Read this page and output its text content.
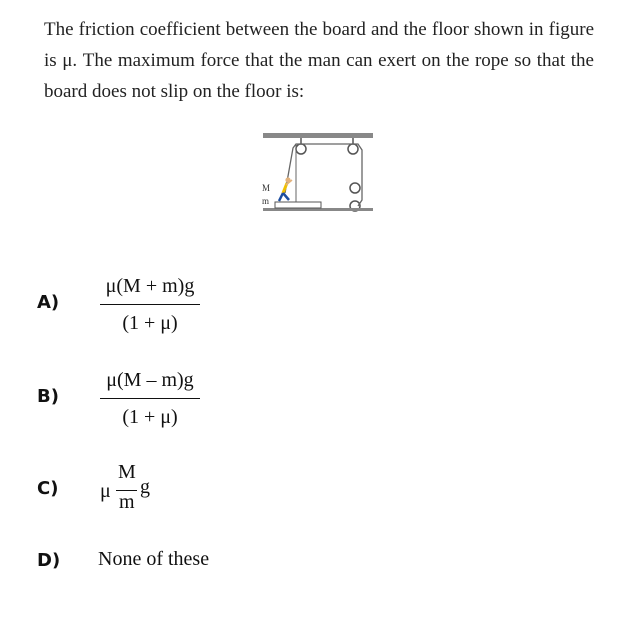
The friction coefficient between the board and the floor shown in figure is μ. The maximum force that the man can exert on the rope so that the board does not slip on the floor is:
M
m
A)
μ(M + m)g
(1 + μ)
B)
μ(M – m)g
(1 + μ)
C) μ
M
m
g
D) None of these
